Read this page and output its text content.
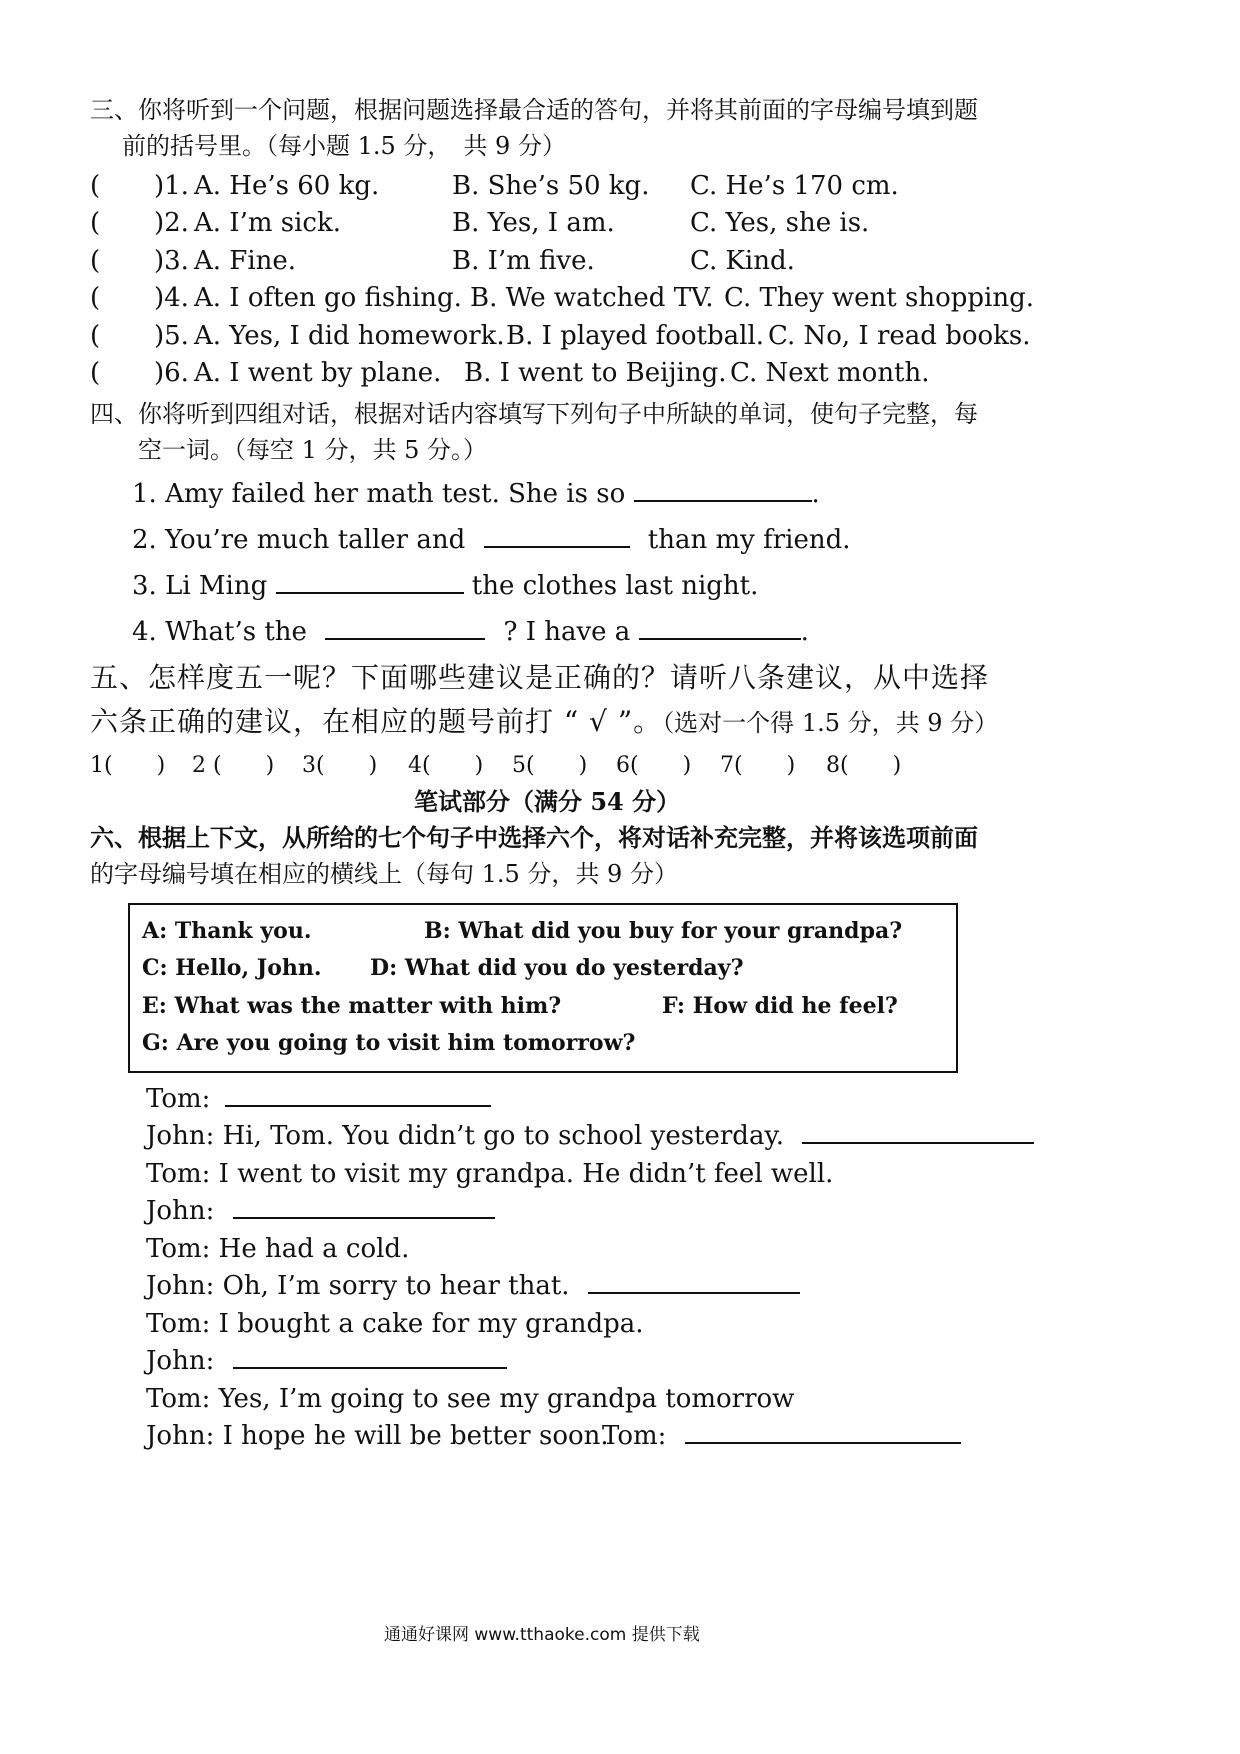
三、你将听到一个问题，根据问题选择最合适的答句，并将其前面的字母编号填到题
前的括号里。（每小题 1.5 分，　共 9 分）
( )1. A. He’s 60 kg.	B. She’s 50 kg. C. He’s 170 cm.
( )2. A. I’m sick.	B. Yes, I am.	C. Yes, she is.
( )3. A. Fine.	B. I’m five.	C. Kind.
( )4. A. I often go fishing. B. We watched TV. C. They went shopping.
( )5. A. Yes, I did homework. B. I played football. C. No, I read books.
( )6. A. I went by plane. B. I went to Beijing. C. Next month.
四、你将听到四组对话，根据对话内容填写下列句子中所缺的单词，使句子完整，每
空一词。（每空 1 分，共 5 分。）
1. Amy failed her math test. She is so	.
2. You’re much taller and	than my friend.
3. Li Ming	the clothes last night.
4. What’s the	? I have a	.
五、怎样度五一呢？下面哪些建议是正确的？请听八条建议，从中选择
六条正确的建议，在相应的题号前打 “ √ ”。（选对一个得 1.5 分，共 9 分）
1(　　) 2 (　　) 3(　　) 4(　　) 5(　　) 6(　　) 7(　　) 8(　　)
笔试部分（满分 54 分）
六、根据上下文，从所给的七个句子中选择六个，将对话补充完整，并将该选项前面
的字母编号填在相应的横线上（每句 1.5 分，共 9 分）
A: Thank you.	B: What did you buy for your grandpa?
C: Hello, John. D: What did you do yesterday?
E: What was the matter with him?	F: How did he feel?
G: Are you going to visit him tomorrow?
Tom:
John: Hi, Tom. You didn’t go to school yesterday.
Tom: I went to visit my grandpa. He didn’t feel well.
John:
Tom: He had a cold.
John: Oh, I’m sorry to hear that.
Tom: I bought a cake for my grandpa.
John:
Tom: Yes, I’m going to see my grandpa tomorrow
John: I hope he will be better soon.
Tom:
通通好课网 www.tthaoke.com 提供下载
